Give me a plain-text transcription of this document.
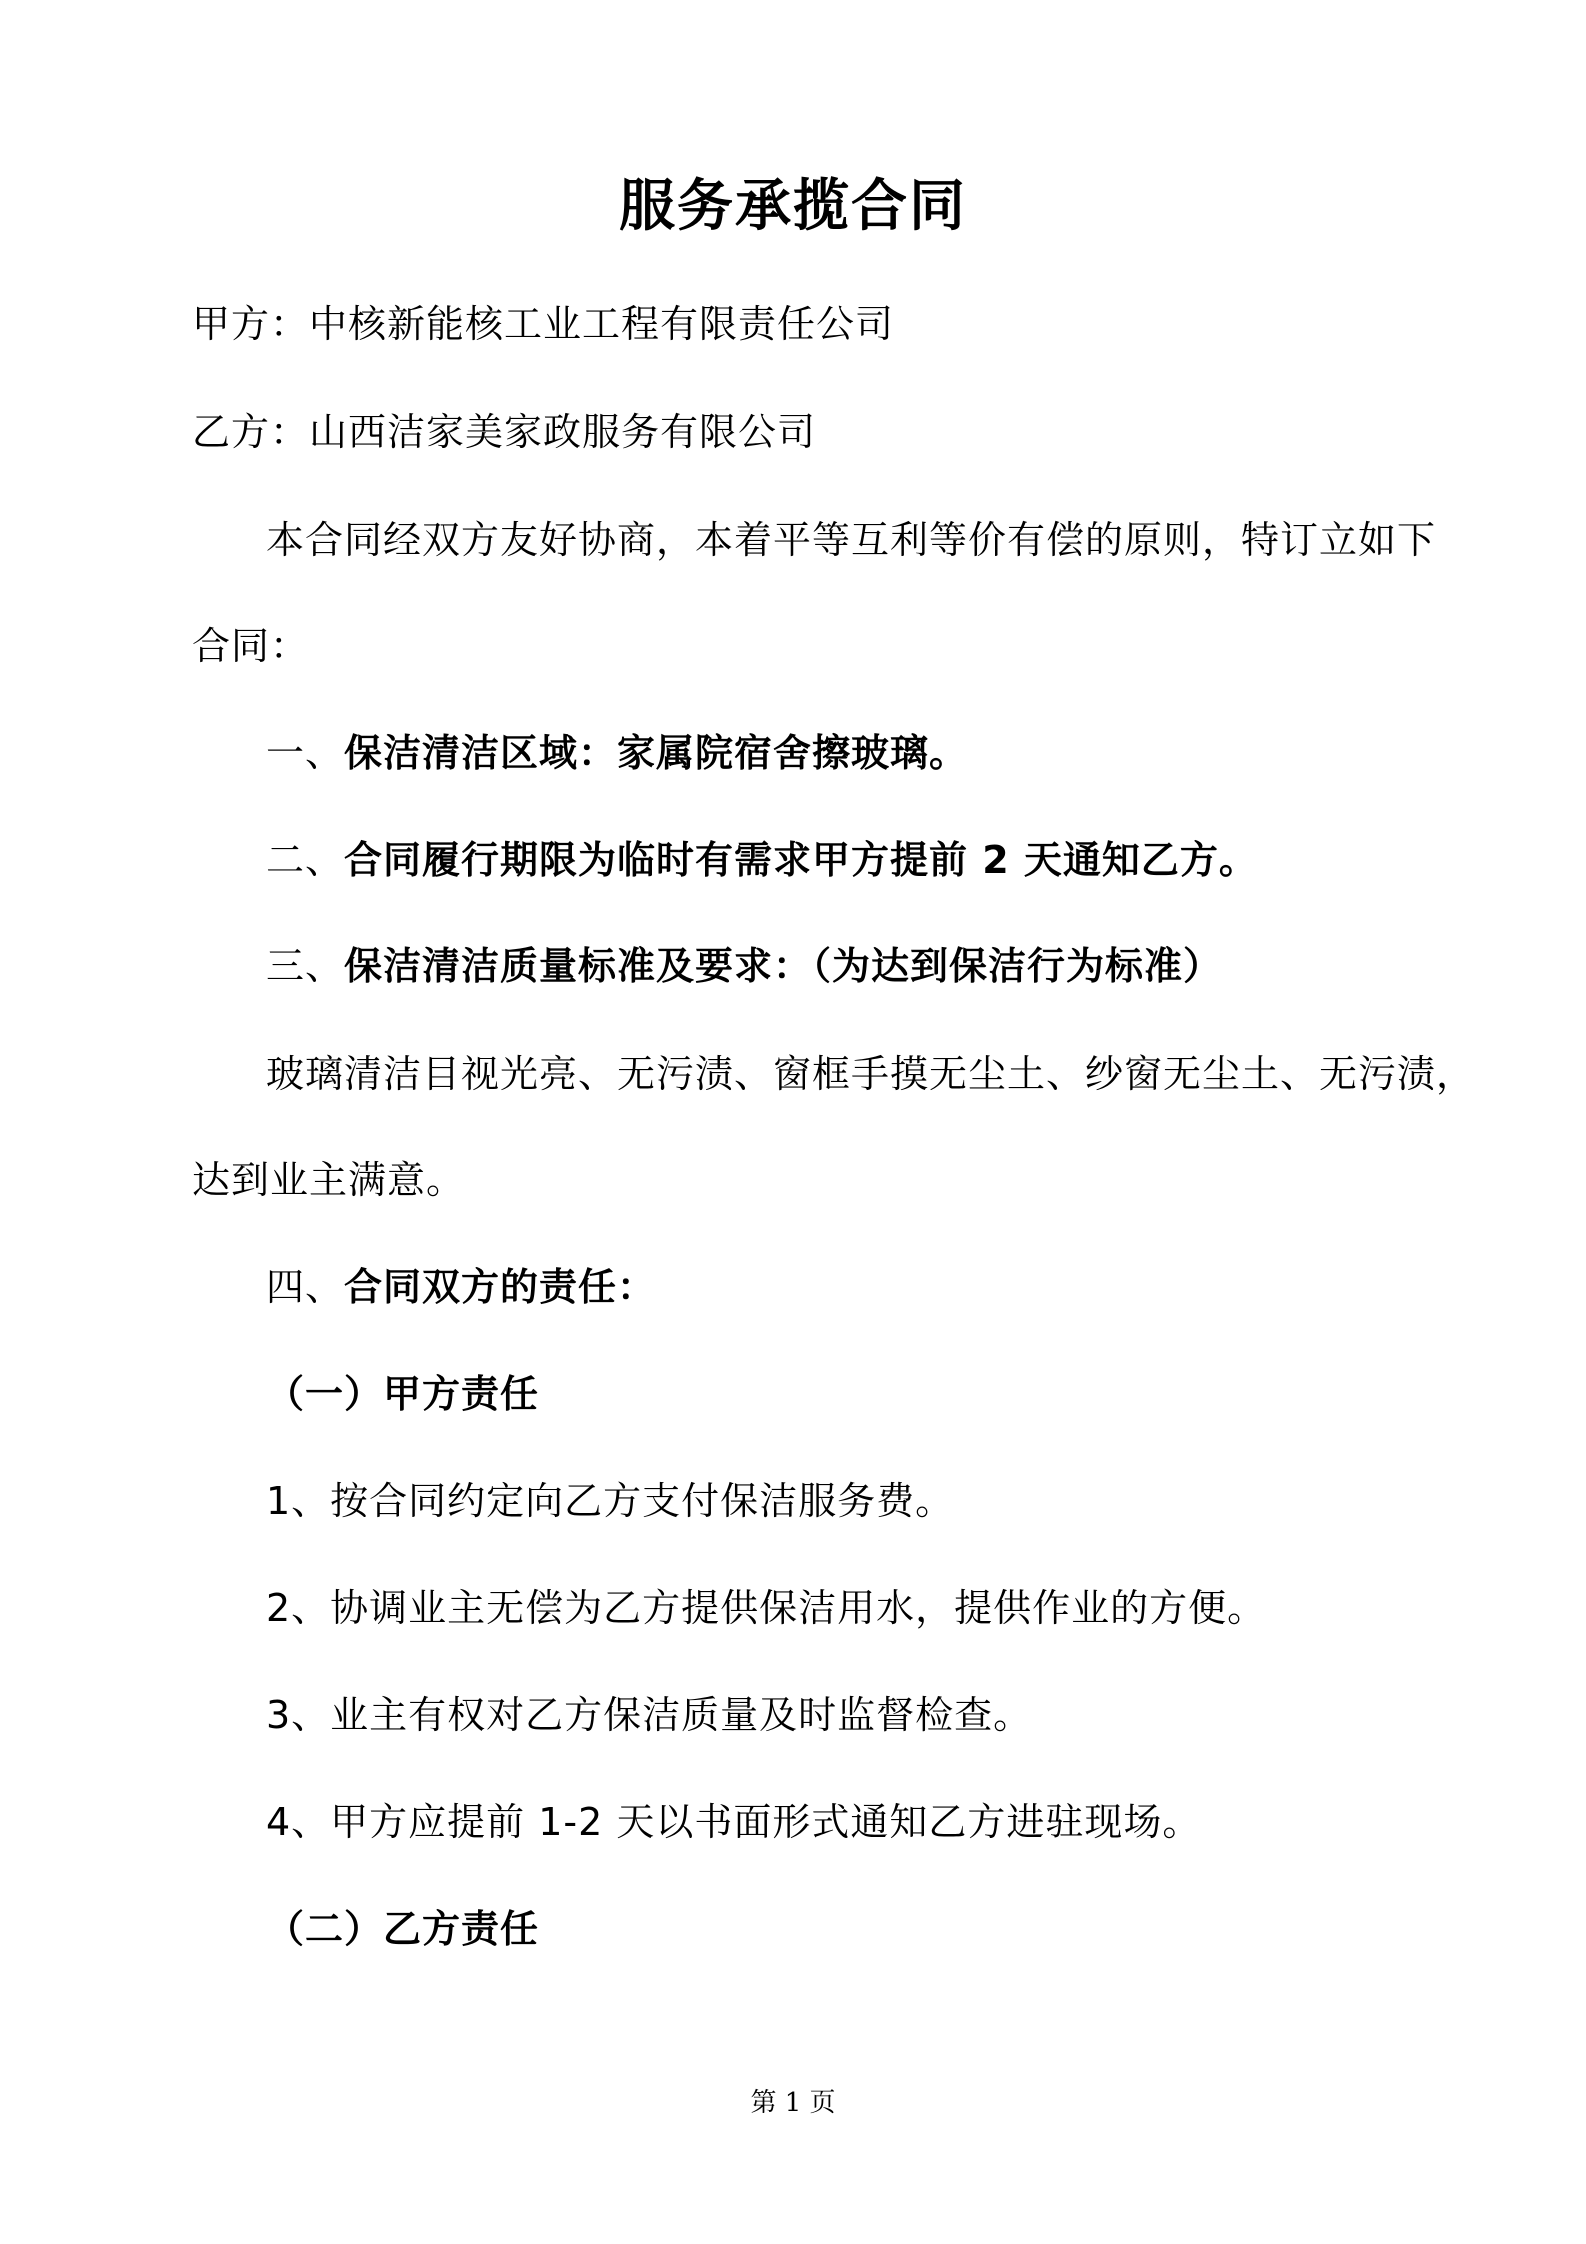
服务承揽合同
甲方：中核新能核工业工程有限责任公司
乙方：山西洁家美家政服务有限公司
本合同经双方友好协商，本着平等互利等价有偿的原则，特订立如下
合同：
一、保洁清洁区域：家属院宿舍擦玻璃。
二、合同履行期限为临时有需求甲方提前 2 天通知乙方。
三、保洁清洁质量标准及要求：（为达到保洁行为标准）
玻璃清洁目视光亮、无污渍、窗框手摸无尘土、纱窗无尘土、无污渍，
达到业主满意。
四、合同双方的责任：
（一）甲方责任
1、按合同约定向乙方支付保洁服务费。
2、协调业主无偿为乙方提供保洁用水，提供作业的方便。
3、业主有权对乙方保洁质量及时监督检查。
4、甲方应提前 1-2 天以书面形式通知乙方进驻现场。
（二）乙方责任
第 1 页
